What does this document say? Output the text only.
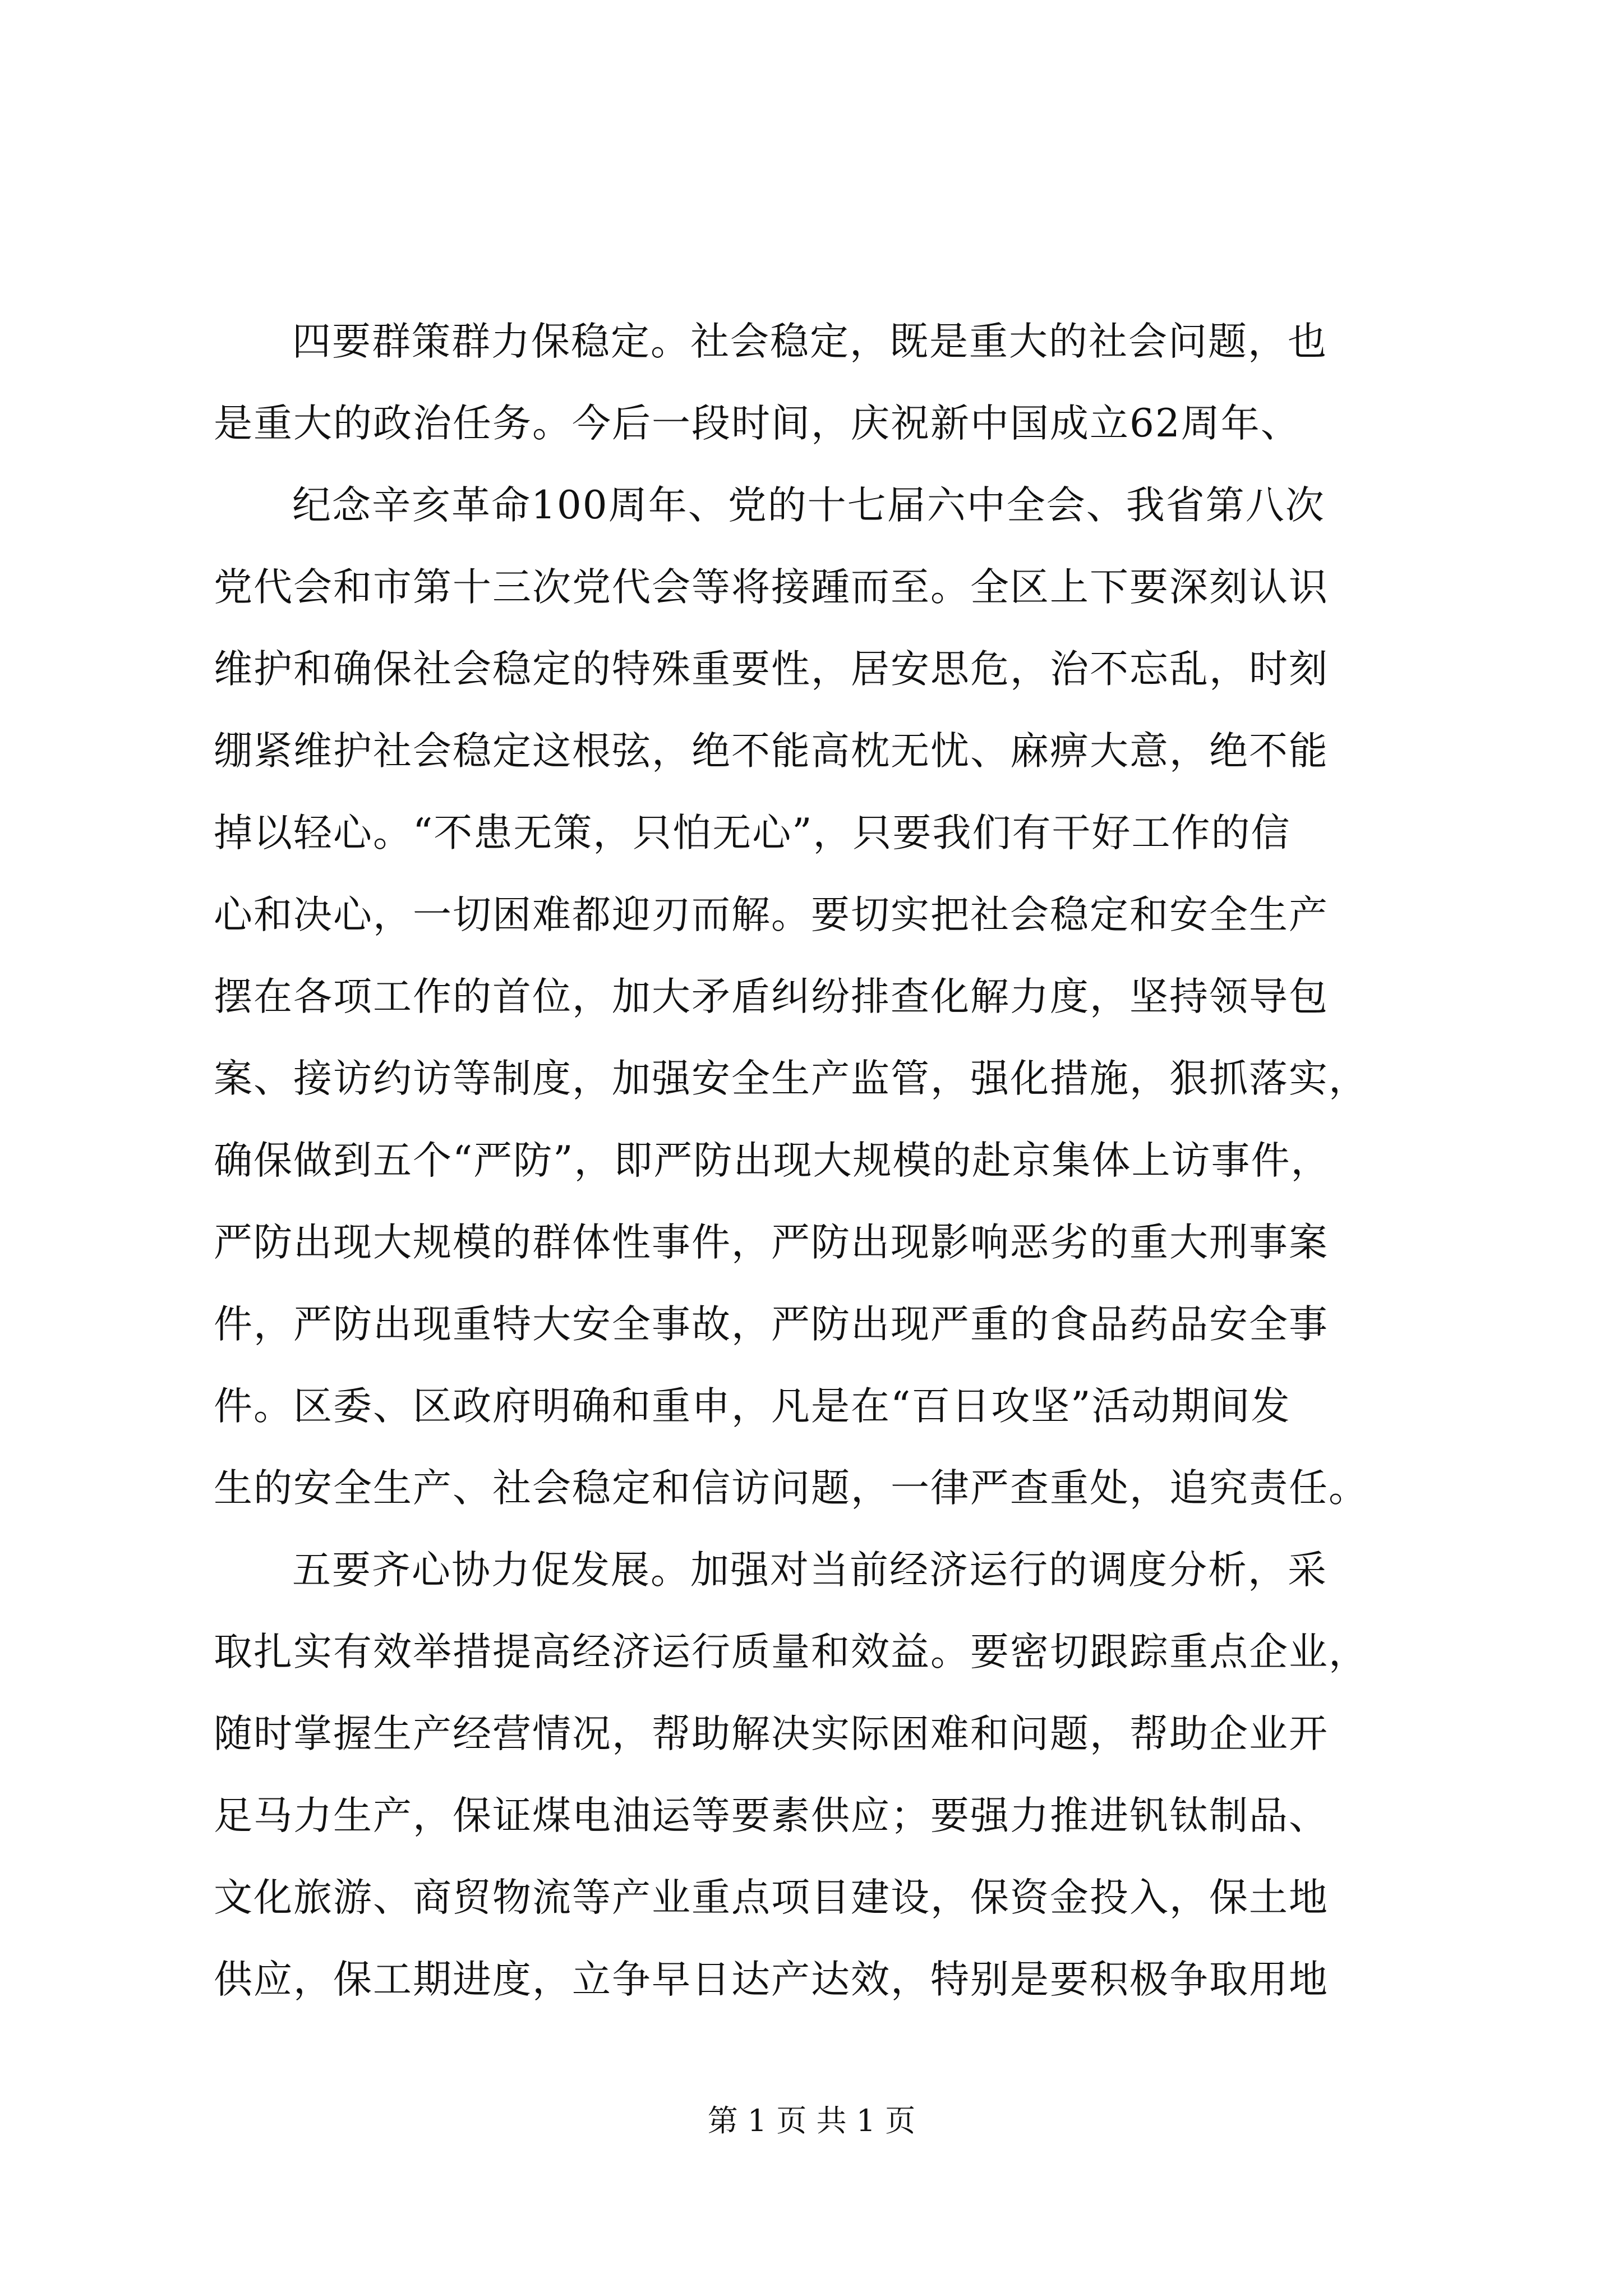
四要群策群力保稳定。社会稳定，既是重大的社会问题，也
是重大的政治任务。今后一段时间，庆祝新中国成立62周年、
纪念辛亥革命100周年、党的十七届六中全会、我省第八次
党代会和市第十三次党代会等将接踵而至。全区上下要深刻认识
维护和确保社会稳定的特殊重要性，居安思危，治不忘乱，时刻
绷紧维护社会稳定这根弦，绝不能高枕无忧、麻痹大意，绝不能
掉以轻心。“不患无策，只怕无心”，只要我们有干好工作的信
心和决心，一切困难都迎刃而解。要切实把社会稳定和安全生产
摆在各项工作的首位，加大矛盾纠纷排查化解力度，坚持领导包
案、接访约访等制度，加强安全生产监管，强化措施，狠抓落实，
确保做到五个“严防”，即严防出现大规模的赴京集体上访事件，
严防出现大规模的群体性事件，严防出现影响恶劣的重大刑事案
件，严防出现重特大安全事故，严防出现严重的食品药品安全事
件。区委、区政府明确和重申，凡是在“百日攻坚”活动期间发
生的安全生产、社会稳定和信访问题，一律严查重处，追究责任。
五要齐心协力促发展。加强对当前经济运行的调度分析，采
取扎实有效举措提高经济运行质量和效益。要密切跟踪重点企业，
随时掌握生产经营情况，帮助解决实际困难和问题，帮助企业开
足马力生产，保证煤电油运等要素供应；要强力推进钒钛制品、
文化旅游、商贸物流等产业重点项目建设，保资金投入，保土地
供应，保工期进度，立争早日达产达效，特别是要积极争取用地
第 1 页 共 1 页
